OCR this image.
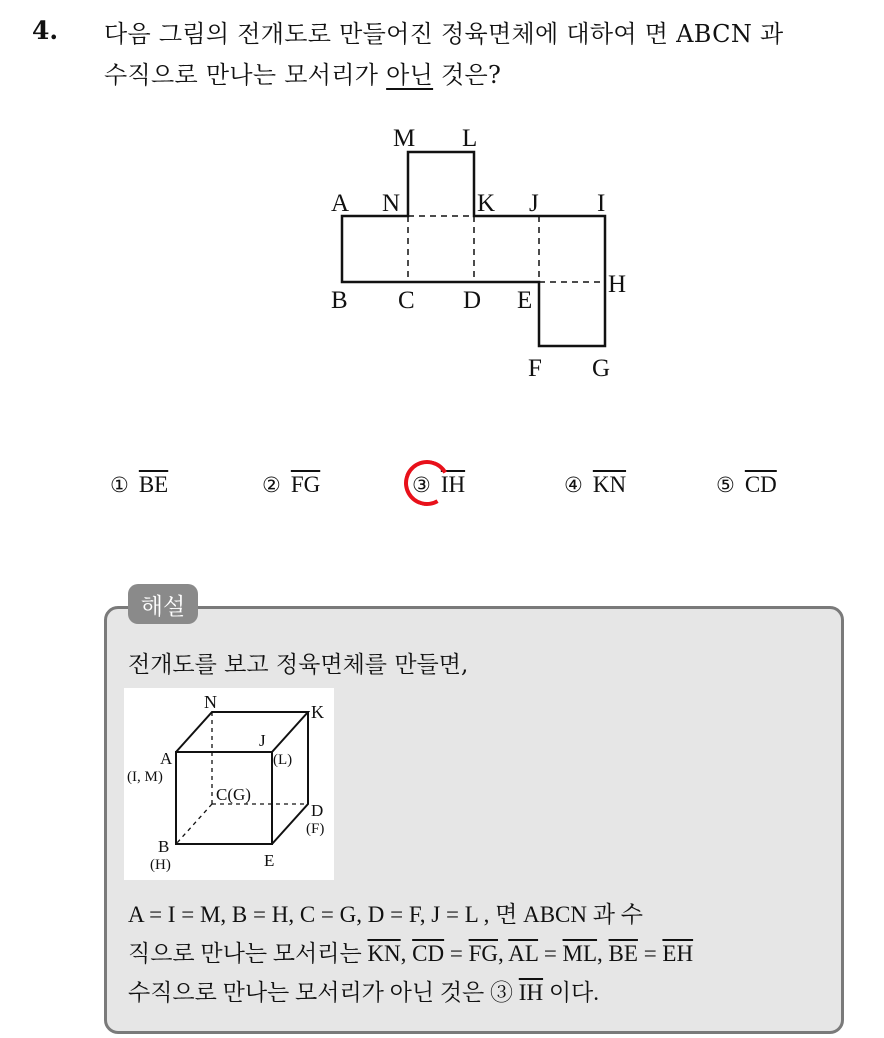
4. 다음 그림의 전개도로 만들어진 정육면체에 대하여 면 ABCN 과
수직으로 만나는 모서리가 아닌 것은?
M L
A N	K J I
H
B C D E
F G
① $\overline{BE}$	② $\overline{FG}$	③ $\overline{IH}$	④ $\overline{KN}$	⑤ $\overline{CD}$
해설
전개도를 보고 정육면체를 만들면,
N	K
A
(I, M)
J
(L)
C(G)
D
(F)
B
(H)	E
A = I = M, B = H, C = G, D = F, J = L , 면 ABCN 과 수
직으로 만나는 모서리는 $\overline{KN}$, $\overline{CD} = \overline{FG}$, $\overline{AL} = \overline{ML}$, $\overline{BE} = \overline{EH}$
수직으로 만나는 모서리가 아닌 것은 ③ $\overline{IH}$ 이다.
